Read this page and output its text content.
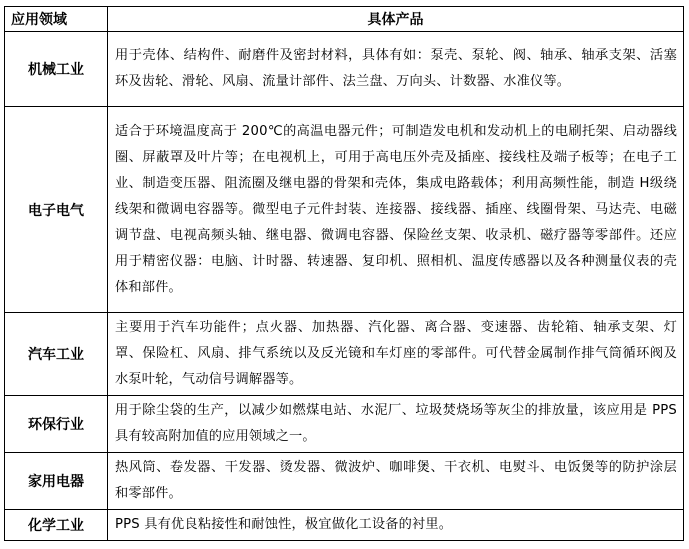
应用领域	具体产品
机械工业	用于壳体、结构件、耐磨件及密封材料，具体有如：泵壳、泵轮、阀、轴承、轴承支架、活塞环及齿轮、滑轮、风扇、流量计部件、法兰盘、万向头、计数器、水准仪等。
电子电气	适合于环境温度高于 200℃的高温电器元件；可制造发电机和发动机上的电刷托架、启动器线圈、屏蔽罩及叶片等；在电视机上，可用于高电压外壳及插座、接线柱及端子板等；在电子工业、制造变压器、阻流圈及继电器的骨架和壳体，集成电路载体；利用高频性能，制造 H级绕线架和微调电容器等。微型电子元件封装、连接器、接线器、插座、线圈骨架、马达壳、电磁调节盘、电视高频头轴、继电器、微调电容器、保险丝支架、收录机、磁疗器等零部件。还应用于精密仪器：电脑、计时器、转速器、复印机、照相机、温度传感器以及各种测量仪表的壳体和部件。
汽车工业	主要用于汽车功能件；点火器、加热器、汽化器、离合器、变速器、齿轮箱、轴承支架、灯罩、保险杠、风扇、排气系统以及反光镜和车灯座的零部件。可代替金属制作排气筒循环阀及水泵叶轮，气动信号调解器等。
环保行业	用于除尘袋的生产，以减少如燃煤电站、水泥厂、垃圾焚烧场等灰尘的排放量，该应用是 PPS 具有较高附加值的应用领域之一。
家用电器	热风筒、卷发器、干发器、烫发器、微波炉、咖啡煲、干衣机、电熨斗、电饭煲等的防护涂层和零部件。
化学工业	PPS 具有优良粘接性和耐蚀性，极宜做化工设备的衬里。
